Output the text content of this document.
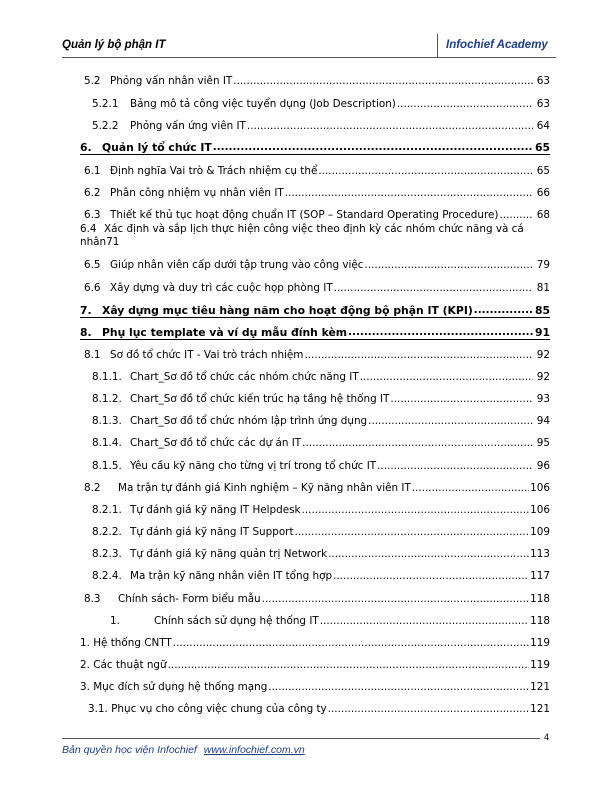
Quản lý bộ phận IT	Infochief Academy
5.2 Phỏng vấn nhân viên IT .....	63
5.2.1	Bảng mô tả công việc tuyển dụng (Job Description) .....	63
5.2.2	Phỏng vấn ứng viên IT .....	64
6. Quản lý tổ chức IT .....	65
6.1 Định nghĩa Vai trò & Trách nhiệm cụ thể .....	65
6.2 Phân công nhiệm vụ nhân viên IT .....	66
6.3 Thiết kế thủ tục hoạt động chuẩn IT (SOP – Standard Operating Procedure) .....	68
6.4 Xác định và sắp lịch thực hiện công việc theo định kỳ các nhóm chức năng và cá
nhân 71
6.5 Giúp nhân viên cấp dưới tập trung vào công việc .....	79
6.6 Xây dựng và duy trì các cuộc họp phòng IT .....	81
7. Xây dựng mục tiêu hàng năm cho hoạt động bộ phận IT (KPI) .....	85
8. Phụ lục template và ví dụ mẫu đính kèm .....	91
8.1 Sơ đồ tổ chức IT - Vai trò trách nhiệm .....	92
8.1.1. Chart_Sơ đồ tổ chức các nhóm chức năng IT .....	92
8.1.2. Chart_Sơ đồ tổ chức kiến trúc hạ tầng hệ thống IT .....	93
8.1.3. Chart_Sơ đồ tổ chức nhóm lập trình ứng dụng .....	94
8.1.4. Chart_Sơ đồ tổ chức các dự án IT .....	95
8.1.5. Yêu cầu kỹ năng cho từng vị trí trong tổ chức IT .....	96
8.2	Ma trận tự đánh giá Kinh nghiệm – Kỹ năng nhân viên IT .....	106
8.2.1. Tự đánh giá kỹ năng IT Helpdesk .....	106
8.2.2. Tự đánh giá kỹ năng IT Support .....	109
8.2.3. Tự đánh giá kỹ năng quản trị Network .....	113
8.2.4. Ma trận kỹ năng nhân viên IT tổng hợp .....	117
8.3	Chính sách- Form biểu mẫu .....	118
1.	Chính sách sử dụng hệ thống IT .....	118
1. Hệ thống CNTT .....	119
2. Các thuật ngữ .....	119
3. Mục đích sử dụng hệ thống mạng .....	121
3.1. Phục vụ cho công việc chung của công ty .....	121
4
Bản quyền học viện Infochief www.infochief.com.vn
